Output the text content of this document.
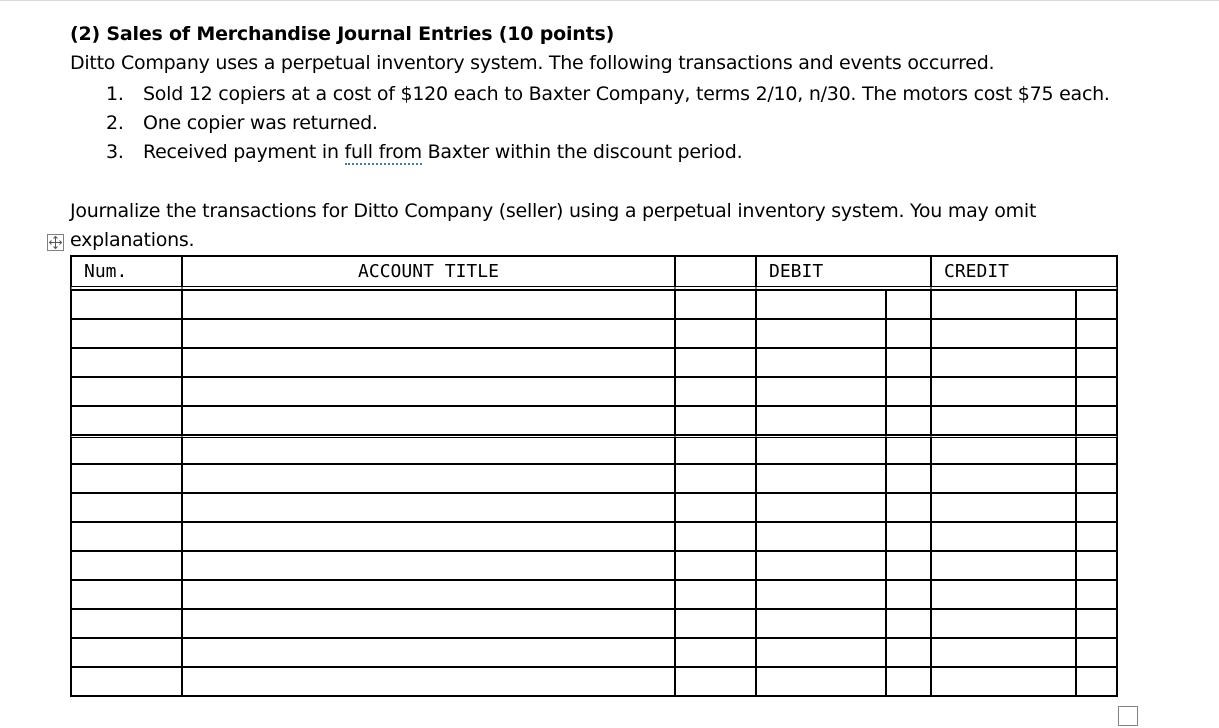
(2) Sales of Merchandise Journal Entries (10 points)

Ditto Company uses a perpetual inventory system. The following transactions and events occurred.

1. Sold 12 copiers at a cost of $120 each to Baxter Company, terms 2/10, n/30. The motors cost $75 each.
2. One copier was returned.
3. Received payment in full from Baxter within the discount period.

Journalize the transactions for Ditto Company (seller) using a perpetual inventory system. You may omit

explanations.

Num.	ACCOUNT TITLE		DEBIT		CREDIT	
